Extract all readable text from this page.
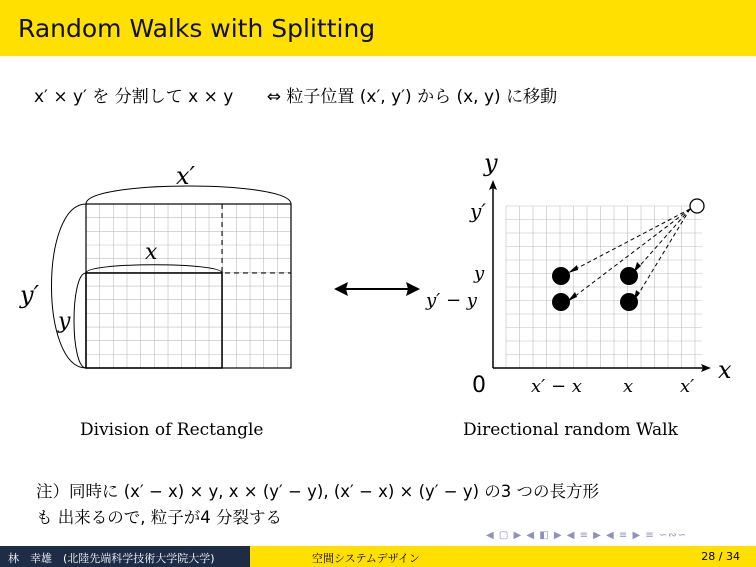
Random Walks with Splitting
x′ × y′ を 分割して x × y ⇔ 粒子位置 (x′, y′) から (x, y) に移動
x′
x
y′
y
y
x
0
y′
y
y′ − y
x′ − x x	x′
Division of Rectangle	Directional random Walk
注）同時に (x′ − x) × y, x × (y′ − y), (x′ − x) × (y′ − y) の3 つの長方形
も 出来るので, 粒子が4 分裂する
◀ ▢ ▶ ◀ ◧ ▶ ◀ ≡ ▶ ◀ ≡ ▶ ≡ ∽∾∽
林　幸雄　(北陸先端科学技術大学院大学)	空間システムデザイン	28 / 34
